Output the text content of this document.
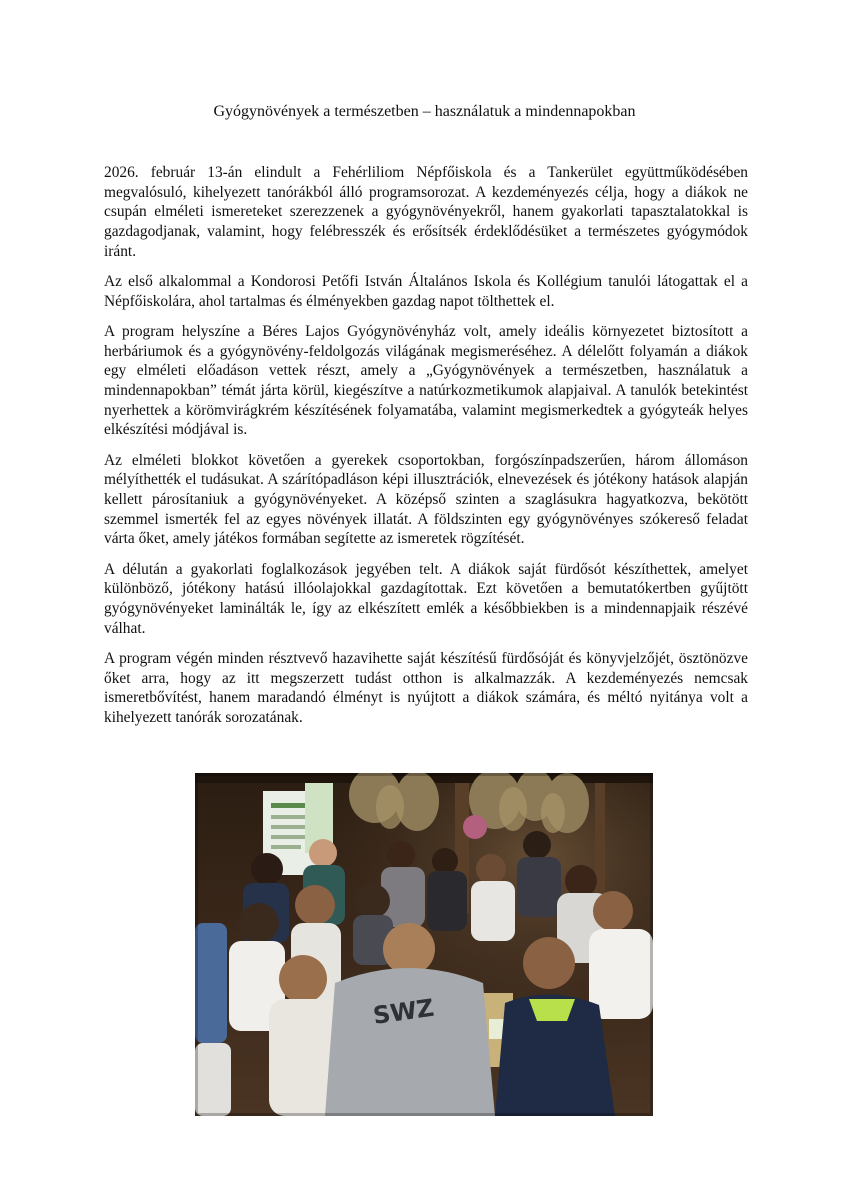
Gyógynövények a természetben – használatuk a mindennapokban

2026. február 13-án elindult a Fehérliliom Népfőiskola és a Tankerület együttműködésében megvalósuló, kihelyezett tanórákból álló programsorozat. A kezdeményezés célja, hogy a diákok ne csupán elméleti ismereteket szerezzenek a gyógynövényekről, hanem gyakorlati tapasztalatokkal is gazdagodjanak, valamint, hogy felébresszék és erősítsék érdeklődésüket a természetes gyógymódok iránt.

Az első alkalommal a Kondorosi Petőfi István Általános Iskola és Kollégium tanulói látogattak el a Népfőiskolára, ahol tartalmas és élményekben gazdag napot tölthettek el.

A program helyszíne a Béres Lajos Gyógynövényház volt, amely ideális környezetet biztosított a herbáriumok és a gyógynövény-feldolgozás világának megismeréséhez. A délelőtt folyamán a diákok egy elméleti előadáson vettek részt, amely a „Gyógynövények a természetben, használatuk a mindennapokban” témát járta körül, kiegészítve a natúrkozmetikumok alapjaival. A tanulók betekintést nyerhettek a körömvirágkrém készítésének folyamatába, valamint megismerkedtek a gyógyteák helyes elkészítési módjával is.

Az elméleti blokkot követően a gyerekek csoportokban, forgószínpadszerűen, három állomáson mélyíthették el tudásukat. A szárítópadláson képi illusztrációk, elnevezések és jótékony hatások alapján kellett párosítaniuk a gyógynövényeket. A középső szinten a szaglásukra hagyatkozva, bekötött szemmel ismerték fel az egyes növények illatát. A földszinten egy gyógynövényes szókereső feladat várta őket, amely játékos formában segítette az ismeretek rögzítését.

A délután a gyakorlati foglalkozások jegyében telt. A diákok saját fürdősót készíthettek, amelyet különböző, jótékony hatású illóolajokkal gazdagítottak. Ezt követően a bemutatókertben gyűjtött gyógynövényeket laminálták le, így az elkészített emlék a későbbiekben is a mindennapjaik részévé válhat.

A program végén minden résztvevő hazavihette saját készítésű fürdősóját és könyvjelzőjét, ösztönözve őket arra, hogy az itt megszerzett tudást otthon is alkalmazzák. A kezdeményezés nemcsak ismeretbővítést, hanem maradandó élményt is nyújtott a diákok számára, és méltó nyitánya volt a kihelyezett tanórák sorozatának.

SWZ
